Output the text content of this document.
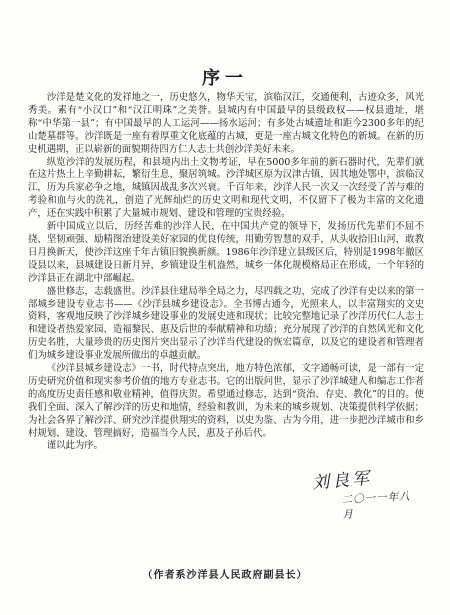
序一

沙洋是楚文化的发祥地之一，历史悠久，物华天宝，滨临汉江，交通便利，古迹众多，风光秀美。素有“小汉口”和“汉江明珠”之美誉。县城内有中国最早的县级政权——权县遗址，堪称“中华第一县”；有中国最早的人工运河——扬水运河；有多处古城遗址和距今2300多年的纪山楚墓群等。沙洋既是一座有着厚重文化底蕴的古城，更是一座古城文化特色的新城。在新的历史机遇期，正以崭新的面貌期待四方仁人志士共创沙洋美好未来。

纵览沙洋的发展历程，和县境内出土文物考证，早在5000多年前的新石器时代，先辈们就在这片热土上辛勤耕耘，繁衍生息，聚居筑城。沙洋城区原为汉津古镇，因其地处鄂中，滨临汉江，历为兵家必争之地，城镇因战乱多次兴衰。千百年来，沙洋人民一次又一次经受了苦与难的考验和血与火的洗礼，创造了光辉灿烂的历史文明和现代文明，不仅留下了极为丰富的文化遗产，还在实践中积累了大量城市规划、建设和管理的宝贵经验。

新中国成立以后，历经苦难的沙洋人民，在中国共产党的领导下，发扬历代先辈们不屈不挠、坚韧顽强、励精图治建设美好家园的优良传统，用勤劳智慧的双手，从头收拾旧山河，敢教日月换新天，使沙洋这座千年古镇旧貌换新颜。1986年沙洋建立县级区后，特别是1998年撤区设县以来，县城建设日新月异，乡镇建设生机盎然，城乡一体化规模格局正在形成，一个年轻的沙洋县正在湖北中部崛起。

盛世修志，志载盛世。沙洋县住建局举全局之力，尽四载之功，完成了沙洋有史以来的第一部城乡建设专业志书——《沙洋县城乡建设志》。全书博古通今，光照来人，以丰富翔实的文史资料，客观地反映了沙洋城乡建设事业的发展史迹和现状；比较完整地记录了沙洋历代仁人志士和建设者热爱家园、造福黎民、惠及后世的奉献精神和功绩；充分展现了沙洋的自然风光和文化历史名胜，大量珍贵的历史图片突出显示了沙洋当代建设的恢宏篇章，以及它的建设者和管理者们为城乡建设事业发展所做出的卓越贡献。

《沙洋县城乡建设志》一书，时代特点突出，地方特色浓郁，文字通畅可读，是一部有一定历史研究价值和现实参考价值的地方专业志书。它的出版问世，显示了沙洋城建人和编志工作者的高度历史责任感和敬业精神，值得庆贺。希望通过修志，达到“资治、存史、教化”的目的。使我们全面、深入了解沙洋的历史和地情，经验和教训，为未来的城乡规划、决策提供科学依据；为社会各界了解沙洋、研究沙洋提供翔实的资料，以史为鉴、古为今用，进一步把沙洋城市和乡村规划、建设、管理搞好，造福当今人民，惠及子孙后代。

谨以此为序。

刘良军
二〇一一年八月
（作者系沙洋县人民政府副县长）
